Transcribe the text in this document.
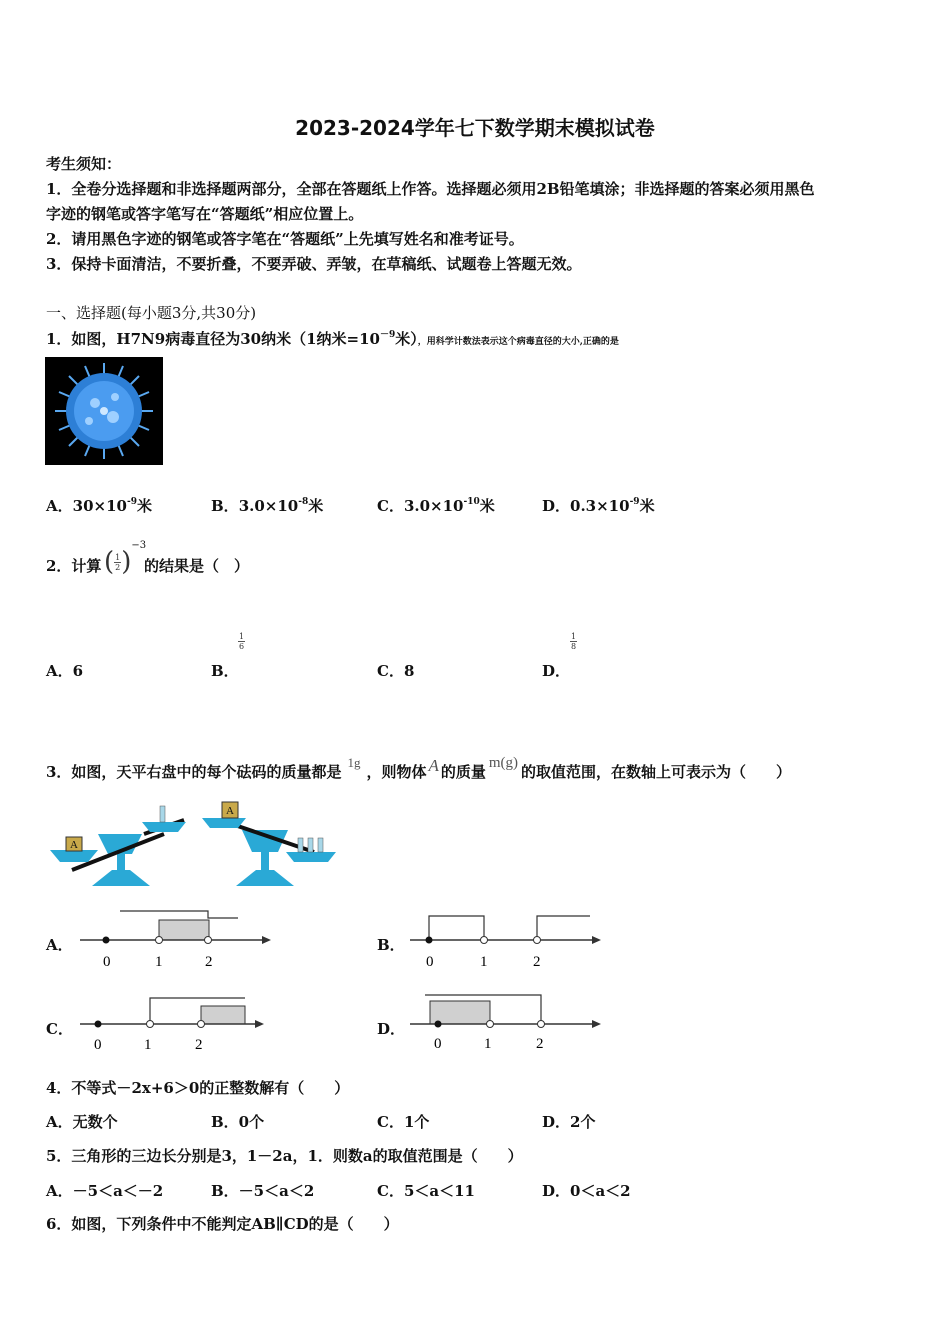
2023-2024学年七下数学期末模拟试卷
考生须知：
1．全卷分选择题和非选择题两部分，全部在答题纸上作答。选择题必须用2B铅笔填涂；非选择题的答案必须用黑色
字迹的钢笔或答字笔写在“答题纸”相应位置上。
2．请用黑色字迹的钢笔或答字笔在“答题纸”上先填写姓名和准考证号。
3．保持卡面清洁，不要折叠，不要弄破、弄皱，在草稿纸、试题卷上答题无效。
一、选择题(每小题3分,共30分)
1．如图，H7N9病毒直径为30纳米（1纳米$=10^{-9}$米），用科学计数法表示这个病毒直径的大小,正确的是
A．$30\times 10^{-9}$米	B．$3.0\times 10^{-8}$米	C．$3.0\times 10^{-10}$米	D．$0.3\times 10^{-9}$米
2．计算 ( $\frac{1}{2})^{-3}$
的结果是（　）
A．6	B．
$\frac{1}{6}$
C．8	D．
$\frac{1}{8}$
3．如图，天平右盘中的每个砝码的质量都是1g，则物体 A 的质量 m(g) 的取值范围，在数轴上可表示为（　　）
A
A
A．
0	1	2
B．
0	1	2
C．
0	1	2
D．
0	1	2
4．不等式－2x+6＞0的正整数解有（　　）
A．无数个	B．0个	C．1个	D．2个
5．三角形的三边长分别是3，1－2a，1．则数a的取值范围是（　　）
A．－5＜a＜－2	B．－5＜a＜2	C．5＜a＜11	D．0＜a＜2
6．如图，下列条件中不能判定AB∥CD的是（　　）
